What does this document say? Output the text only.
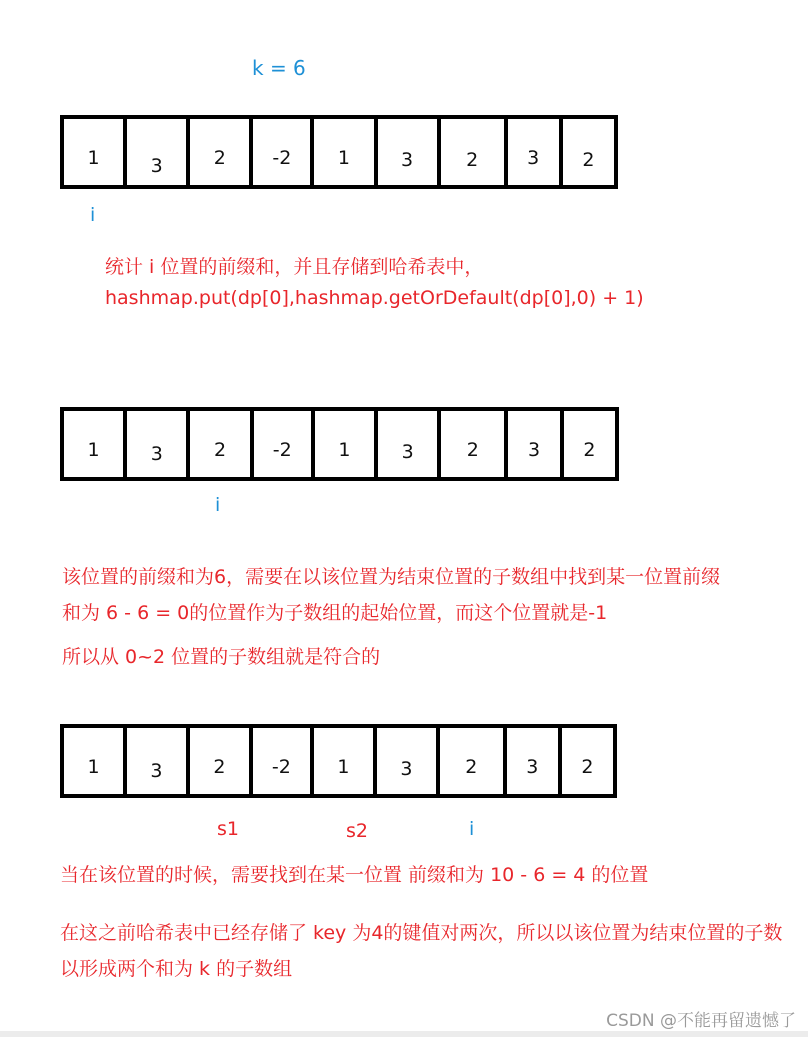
k = 6
1	3	2 -2 1	3	2	3 2
i
统计 i 位置的前缀和，并且存储到哈希表中，
hashmap.put(dp[0],hashmap.getOrDefault(dp[0],0) + 1)
1	3	2 -2 1	3	2	3 2
i
该位置的前缀和为6，需要在以该位置为结束位置的子数组中找到某一位置前缀
和为 6 - 6 = 0的位置作为子数组的起始位置，而这个位置就是-1
所以从 0~2 位置的子数组就是符合的
1	3	2 -2 1	3	2	3 2
s1	s2	i
当在该位置的时候，需要找到在某一位置 前缀和为 10 - 6 = 4 的位置
在这之前哈希表中已经存储了 key 为4的键值对两次，所以以该位置为结束位置的子数
以形成两个和为 k 的子数组
CSDN @不能再留遗憾了
